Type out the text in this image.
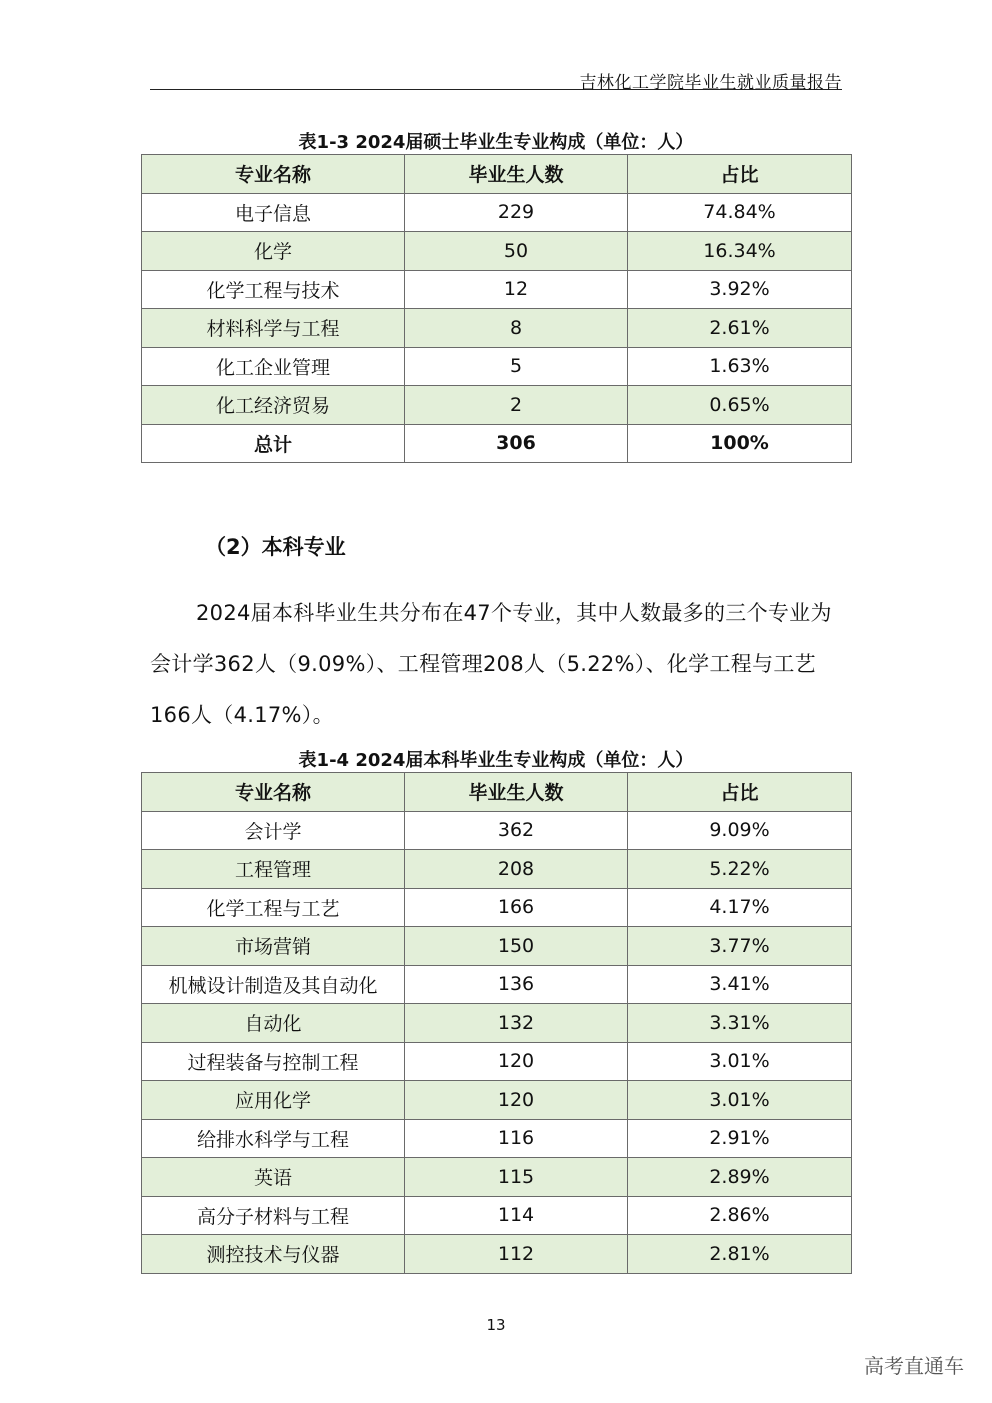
吉林化工学院毕业生就业质量报告
表1-3 2024届硕士毕业生专业构成（单位：人）
专业名称	毕业生人数	占比
电子信息	229	74.84%
化学	50	16.34%
化学工程与技术	12	3.92%
材料科学与工程	8	2.61%
化工企业管理	5	1.63%
化工经济贸易	2	0.65%
总计	306	100%
（2）本科专业

2024届本科毕业生共分布在47个专业，其中人数最多的三个专业为会计学362人（9.09%）、工程管理208人（5.22%）、化学工程与工艺166人（4.17%）。

表1-4 2024届本科毕业生专业构成（单位：人）
专业名称	毕业生人数	占比
会计学	362	9.09%
工程管理	208	5.22%
化学工程与工艺	166	4.17%
市场营销	150	3.77%
机械设计制造及其自动化	136	3.41%
自动化	132	3.31%
过程装备与控制工程	120	3.01%
应用化学	120	3.01%
给排水科学与工程	116	2.91%
英语	115	2.89%
高分子材料与工程	114	2.86%
测控技术与仪器	112	2.81%
13
高考直通车
